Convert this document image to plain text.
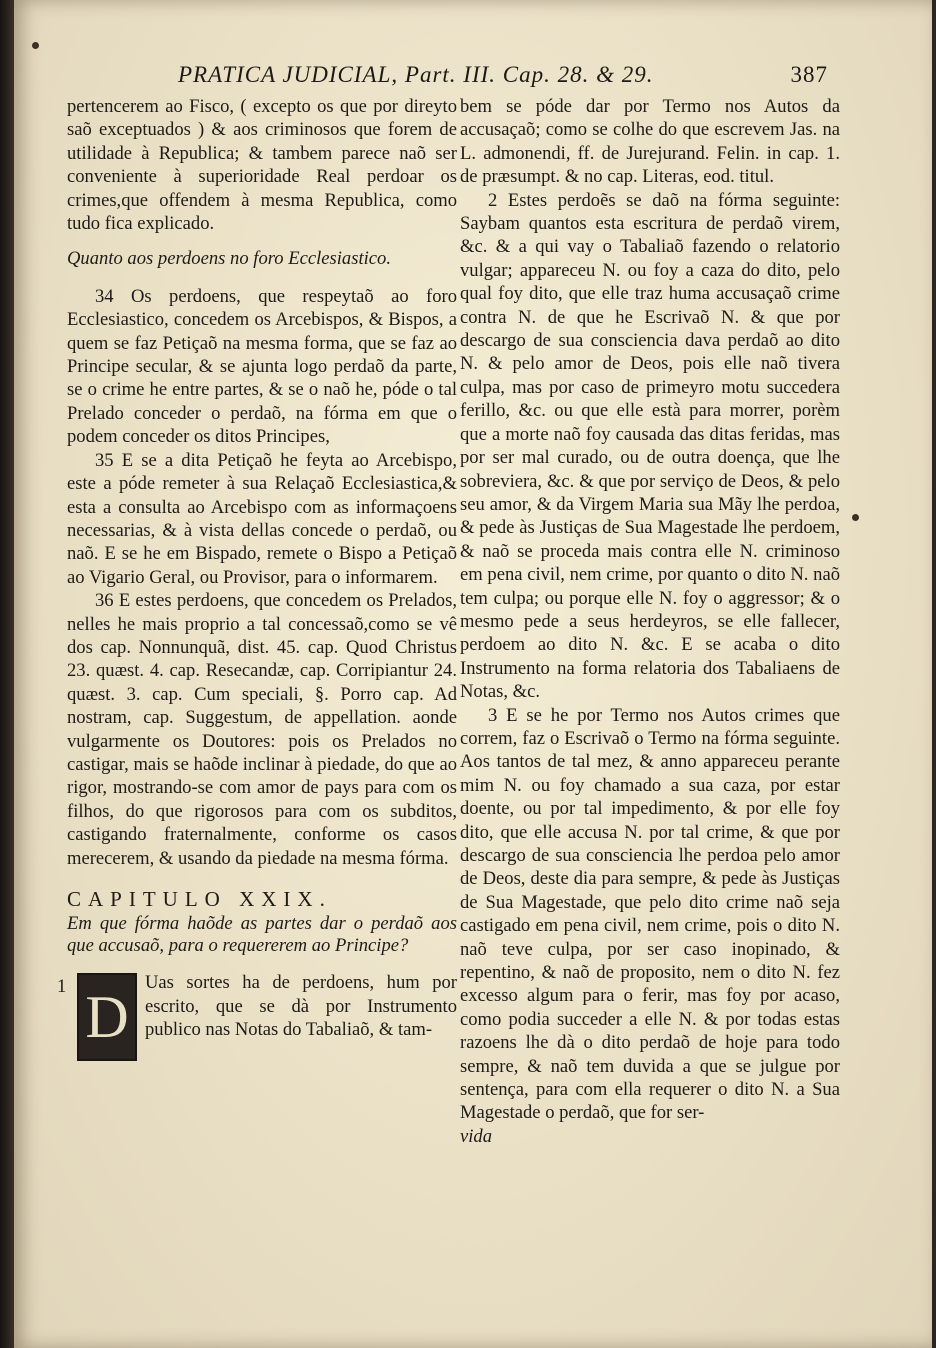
PRATICA JUDICIAL, Part. III. Cap. 28. & 29.	387

pertencerem ao Fisco, ( excepto os que por direyto saõ exceptuados ) & aos criminosos que forem de utilidade à Republica; & tambem parece naõ ser conveniente à superioridade Real perdoar os crimes,que offendem à mesma Republica, como tudo fica explicado.

Quanto aos perdoens no foro Ecclesiastico.

34 Os perdoens, que respeytaõ ao foro Ecclesiastico, concedem os Arcebispos, & Bispos, a quem se faz Petiçaõ na mesma forma, que se faz ao Principe secular, & se ajunta logo perdaõ da parte, se o crime he entre partes, & se o naõ he, póde o tal Prelado conceder o perdaõ, na fórma em que o podem conceder os ditos Principes,

35 E se a dita Petiçaõ he feyta ao Arcebispo, este a póde remeter à sua Relaçaõ Ecclesiastica,& esta a consulta ao Arcebispo com as informaçoens necessarias, & à vista dellas concede o perdaõ, ou naõ. E se he em Bispado, remete o Bispo a Petiçaõ ao Vigario Geral, ou Provisor, para o informarem.

36 E estes perdoens, que concedem os Prelados, nelles he mais proprio a tal concessaõ,como se vê dos cap. Nonnunquã, dist. 45. cap. Quod Christus 23. quæst. 4. cap. Resecandæ, cap. Corripiantur 24. quæst. 3. cap. Cum speciali, §. Porro cap. Ad nostram, cap. Suggestum, de appellation. aonde vulgarmente os Doutores: pois os Prelados no castigar, mais se haõde inclinar à piedade, do que ao rigor, mostrando-se com amor de pays para com os filhos, do que rigorosos para com os subditos, castigando fraternalmente, conforme os casos merecerem, & usando da piedade na mesma fórma.

CAPITULO XXIX.

Em que fórma haõde as partes dar o perdaõ aos que accusaõ, para o requererem ao Principe?

1 D

Uas sortes ha de perdoens, hum por escrito, que se dà por Instrumento publico nas Notas do Tabaliaõ, & tam-

bem se póde dar por Termo nos Autos da accusaçaõ; como se colhe do que escrevem Jas. na L. admonendi, ff. de Jurejurand. Felin. in cap. 1. de præsumpt. & no cap. Literas, eod. titul.

2 Estes perdoẽs se daõ na fórma seguinte: Saybam quantos esta escritura de perdaõ virem, &c. & a qui vay o Tabaliaõ fazendo o relatorio vulgar; appareceu N. ou foy a caza do dito, pelo qual foy dito, que elle traz huma accusaçaõ crime contra N. de que he Escrivaõ N. & que por descargo de sua consciencia dava perdaõ ao dito N. & pelo amor de Deos, pois elle naõ tivera culpa, mas por caso de primeyro motu succedera ferillo, &c. ou que elle està para morrer, porèm que a morte naõ foy causada das ditas feridas, mas por ser mal curado, ou de outra doença, que lhe sobreviera, &c. & que por serviço de Deos, & pelo seu amor, & da Virgem Maria sua Mãy lhe perdoa, & pede às Justiças de Sua Magestade lhe perdoem, & naõ se proceda mais contra elle N. criminoso em pena civil, nem crime, por quanto o dito N. naõ tem culpa; ou porque elle N. foy o aggressor; & o mesmo pede a seus herdeyros, se elle fallecer, perdoem ao dito N. &c. E se acaba o dito Instrumento na forma relatoria dos Tabaliaens de Notas, &c.

3 E se he por Termo nos Autos crimes que correm, faz o Escrivaõ o Termo na fórma seguinte. Aos tantos de tal mez, & anno appareceu perante mim N. ou foy chamado a sua caza, por estar doente, ou por tal impedimento, & por elle foy dito, que elle accusa N. por tal crime, & que por descargo de sua consciencia lhe perdoa pelo amor de Deos, deste dia para sempre, & pede às Justiças de Sua Magestade, que pelo dito crime naõ seja castigado em pena civil, nem crime, pois o dito N. naõ teve culpa, por ser caso inopinado, & repentino, & naõ de proposito, nem o dito N. fez excesso algum para o ferir, mas foy por acaso, como podia succeder a elle N. & por todas estas razoens lhe dà o dito perdaõ de hoje para todo sempre, & naõ tem duvida a que se julgue por sentença, para com ella requerer o dito N. a Sua Magestade o perdaõ, que for ser-

vida
